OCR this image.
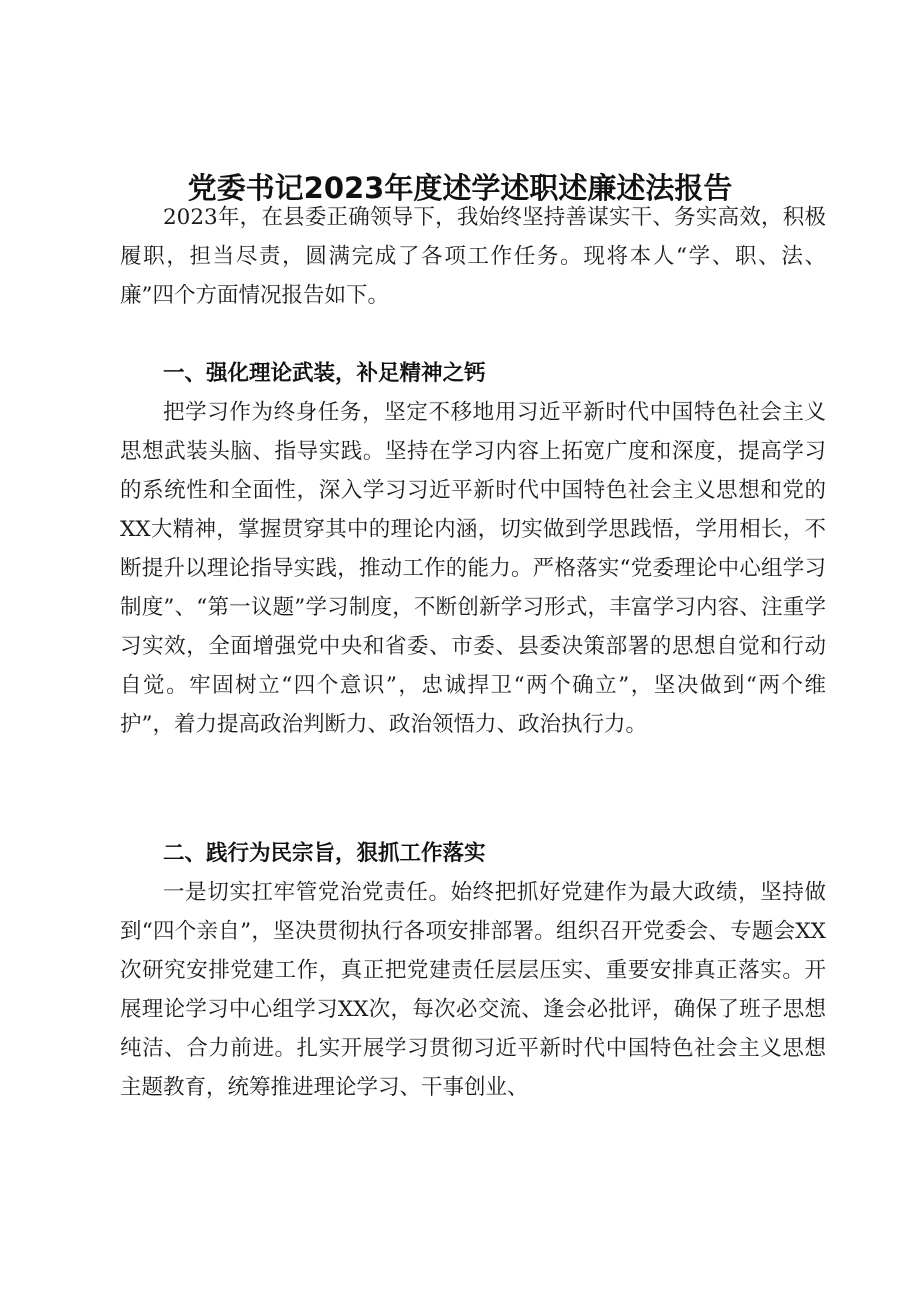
党委书记2023年度述学述职述廉述法报告

2023年，在县委正确领导下，我始终坚持善谋实干、务实高效，积极履职，担当尽责，圆满完成了各项工作任务。现将本人“学、职、法、廉”四个方面情况报告如下。

一、强化理论武装，补足精神之钙

把学习作为终身任务，坚定不移地用习近平新时代中国特色社会主义思想武装头脑、指导实践。坚持在学习内容上拓宽广度和深度，提高学习的系统性和全面性，深入学习习近平新时代中国特色社会主义思想和党的XX大精神，掌握贯穿其中的理论内涵，切实做到学思践悟，学用相长，不断提升以理论指导实践，推动工作的能力。严格落实“党委理论中心组学习制度”、“第一议题”学习制度，不断创新学习形式，丰富学习内容、注重学习实效，全面增强党中央和省委、市委、县委决策部署的思想自觉和行动自觉。牢固树立“四个意识”，忠诚捍卫“两个确立”，坚决做到“两个维护”，着力提高政治判断力、政治领悟力、政治执行力。

二、践行为民宗旨，狠抓工作落实

一是切实扛牢管党治党责任。始终把抓好党建作为最大政绩，坚持做到“四个亲自”，坚决贯彻执行各项安排部署。组织召开党委会、专题会XX次研究安排党建工作，真正把党建责任层层压实、重要安排真正落实。开展理论学习中心组学习XX次，每次必交流、逢会必批评，确保了班子思想纯洁、合力前进。扎实开展学习贯彻习近平新时代中国特色社会主义思想主题教育，统筹推进理论学习、干事创业、
